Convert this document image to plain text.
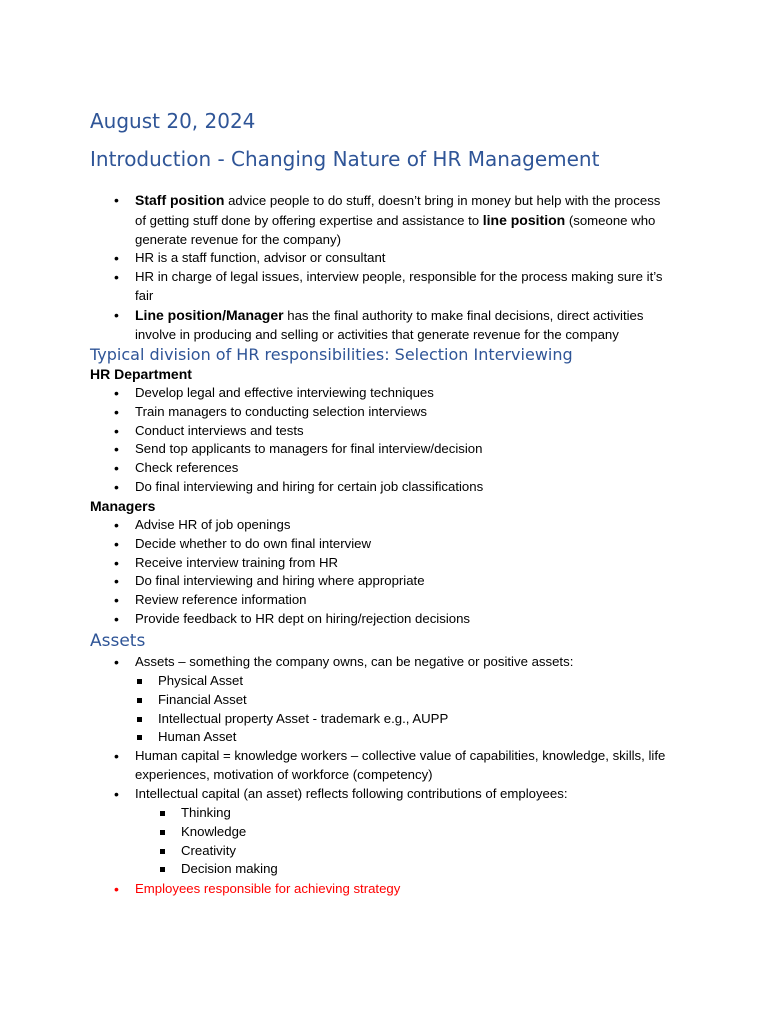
August 20, 2024
Introduction - Changing Nature of HR Management
• Staff position advice people to do stuff, doesn’t bring in money but help with the process of getting stuff done by offering expertise and assistance to line position (someone who generate revenue for the company)
• HR is a staff function, advisor or consultant
• HR in charge of legal issues, interview people, responsible for the process making sure it’s fair
• Line position/Manager has the final authority to make final decisions, direct activities involve in producing and selling or activities that generate revenue for the company
Typical division of HR responsibilities: Selection Interviewing
HR Department
• Develop legal and effective interviewing techniques
• Train managers to conducting selection interviews
• Conduct interviews and tests
• Send top applicants to managers for final interview/decision
• Check references
• Do final interviewing and hiring for certain job classifications
Managers
• Advise HR of job openings
• Decide whether to do own final interview
• Receive interview training from HR
• Do final interviewing and hiring where appropriate
• Review reference information
• Provide feedback to HR dept on hiring/rejection decisions
Assets
• Assets – something the company owns, can be negative or positive assets:
Physical Asset
Financial Asset
Intellectual property Asset - trademark e.g., AUPP
Human Asset
• Human capital = knowledge workers – collective value of capabilities, knowledge, skills, life experiences, motivation of workforce (competency)
• Intellectual capital (an asset) reflects following contributions of employees:
Thinking
Knowledge
Creativity
Decision making
• Employees responsible for achieving strategy
